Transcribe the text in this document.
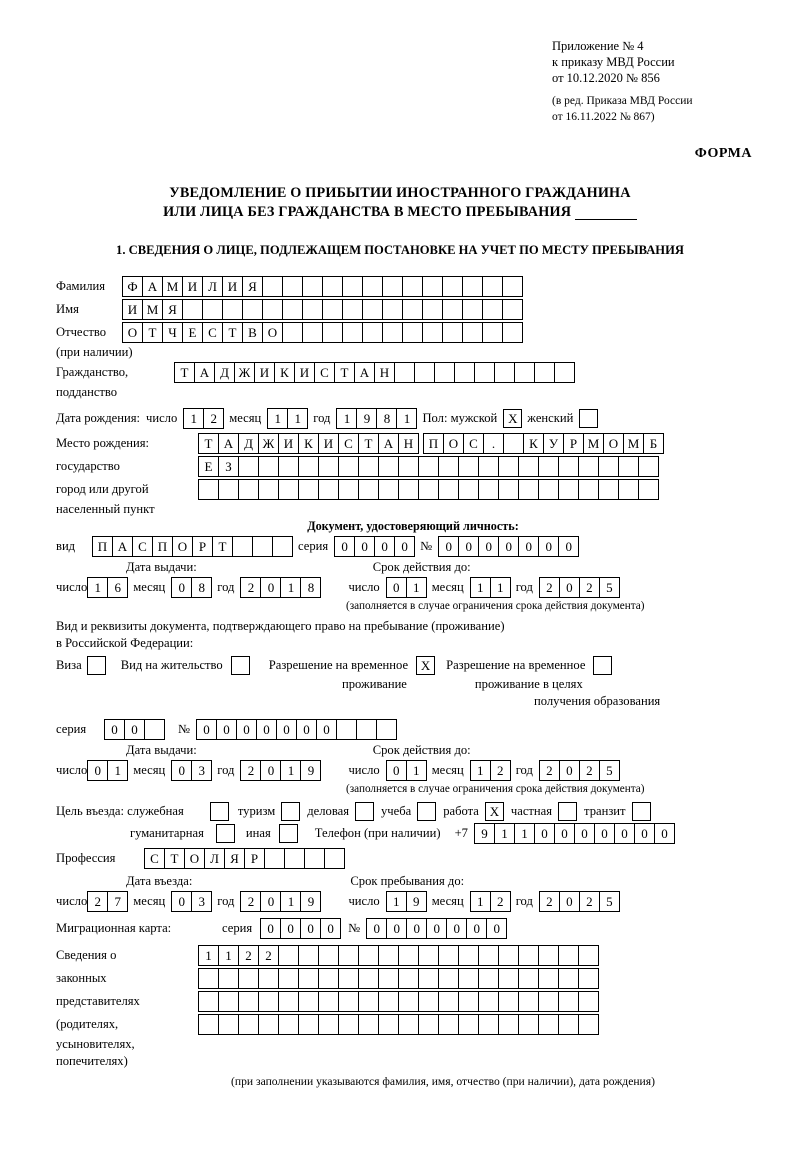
Приложение № 4
к приказу МВД России
от 10.12.2020 № 856
(в ред. Приказа МВД России
от 16.11.2022 № 867)
ФОРМА
УВЕДОМЛЕНИЕ О ПРИБЫТИИ ИНОСТРАННОГО ГРАЖДАНИНА
ИЛИ ЛИЦА БЕЗ ГРАЖДАНСТВА В МЕСТО ПРЕБЫВАНИЯ
1. СВЕДЕНИЯ О ЛИЦЕ, ПОДЛЕЖАЩЕМ ПОСТАНОВКЕ НА УЧЕТ ПО МЕСТУ ПРЕБЫВАНИЯ
Фамилия	Ф А М И Л И Я
Имя	И М Я
Отчество	О Т Ч Е С Т В О
(при наличии)
Гражданство,	Т А Д Ж И К И С Т А Н
подданство
Дата рождения: число	1	2 месяц	1	1 год	1	9	8	1 Пол: мужской Х женский
Место рождения:	Т А Д Ж И К И С Т А Н	П О С	.	К У Р М О М Б
государство	Е З
город или другой
населенный пункт
Документ, удостоверяющий личность:
вид	П А С П О Р Т	серия	0	0	0	0 №	0	0	0	0	0	0	0
Дата выдачи:	Срок действия до:
число 1	6 месяц	0	8 год	2	0	1	8	число	0	1 месяц	1	1 год	2	0	2	5
(заполняется в случае ограничения срока действия документа)
Вид и реквизиты документа, подтверждающего право на пребывание (проживание)
в Российской Федерации:
Виза	Вид на жительство	Разрешение на временное Х	Разрешение на временное
проживание	проживание в целях
получения образования
серия	0	0	№	0	0	0	0	0	0	0
Дата выдачи:	Срок действия до:
число 0	1 месяц	0	3 год	2	0	1	9	число	0	1 месяц	1	2 год	2	0	2	5
(заполняется в случае ограничения срока действия документа)
Цель въезда: служебная	туризм	деловая	учеба	работа Х частная	транзит
гуманитарная	иная	Телефон (при наличии) +7	9	1	1	0	0	0	0	0	0	0
Профессия	С Т О Л Я Р
Дата въезда:	Срок пребывания до:
число 2	7 месяц	0	3 год	2	0	1	9	число	1	9 месяц	1	2 год	2	0	2	5
Миграционная карта:	серия	0	0	0	0	№	0	0	0	0	0	0	0
Сведения о	1	1	2	2
законных
представителях
(родителях,
усыновителях,
попечителях)
(при заполнении указываются фамилия, имя, отчество (при наличии), дата рождения)
